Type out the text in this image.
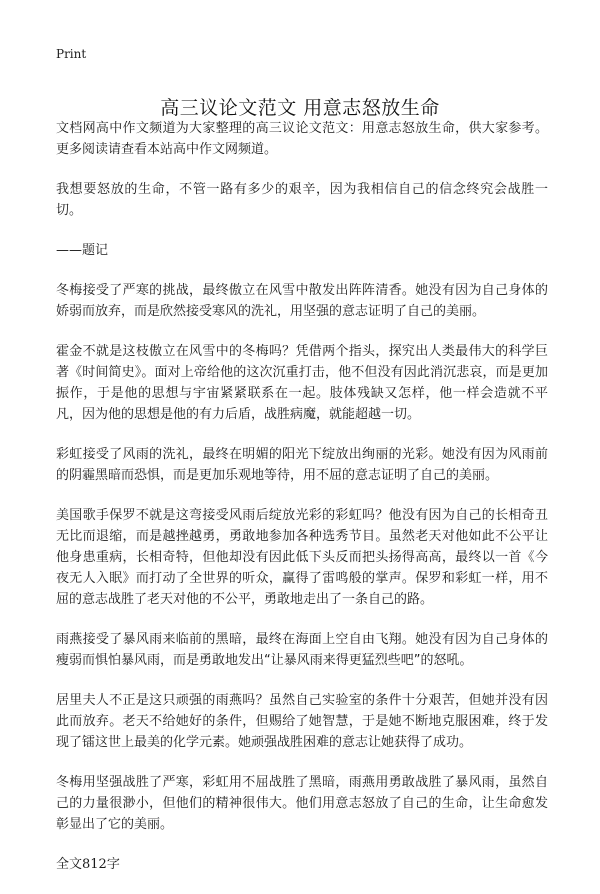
Print
高三议论文范文 用意志怒放生命

文档网高中作文频道为大家整理的高三议论文范文：用意志怒放生命，供大家参考。更多阅读请查看本站高中作文网频道。

我想要怒放的生命，不管一路有多少的艰辛，因为我相信自己的信念终究会战胜一切。

——题记

冬梅接受了严寒的挑战，最终傲立在风雪中散发出阵阵清香。她没有因为自己身体的娇弱而放弃，而是欣然接受寒风的洗礼，用坚强的意志证明了自己的美丽。

霍金不就是这枝傲立在风雪中的冬梅吗？凭借两个指头，探究出人类最伟大的科学巨著《时间简史》。面对上帝给他的这次沉重打击，他不但没有因此消沉悲哀，而是更加振作，于是他的思想与宇宙紧紧联系在一起。肢体残缺又怎样，他一样会造就不平凡，因为他的思想是他的有力后盾，战胜病魔，就能超越一切。

彩虹接受了风雨的洗礼，最终在明媚的阳光下绽放出绚丽的光彩。她没有因为风雨前的阴霾黑暗而恐惧，而是更加乐观地等待，用不屈的意志证明了自己的美丽。

美国歌手保罗不就是这弯接受风雨后绽放光彩的彩虹吗？他没有因为自己的长相奇丑无比而退缩，而是越挫越勇，勇敢地参加各种选秀节目。虽然老天对他如此不公平让他身患重病，长相奇特，但他却没有因此低下头反而把头扬得高高，最终以一首《今夜无人入眠》而打动了全世界的听众，赢得了雷鸣般的掌声。保罗和彩虹一样，用不屈的意志战胜了老天对他的不公平，勇敢地走出了一条自己的路。

雨燕接受了暴风雨来临前的黑暗，最终在海面上空自由飞翔。她没有因为自己身体的瘦弱而惧怕暴风雨，而是勇敢地发出“让暴风雨来得更猛烈些吧”的怒吼。

居里夫人不正是这只顽强的雨燕吗？虽然自己实验室的条件十分艰苦，但她并没有因此而放弃。老天不给她好的条件，但赐给了她智慧，于是她不断地克服困难，终于发现了镭这世上最美的化学元素。她顽强战胜困难的意志让她获得了成功。

冬梅用坚强战胜了严寒，彩虹用不屈战胜了黑暗，雨燕用勇敢战胜了暴风雨，虽然自己的力量很渺小，但他们的精神很伟大。他们用意志怒放了自己的生命，让生命愈发彰显出了它的美丽。

全文812字
